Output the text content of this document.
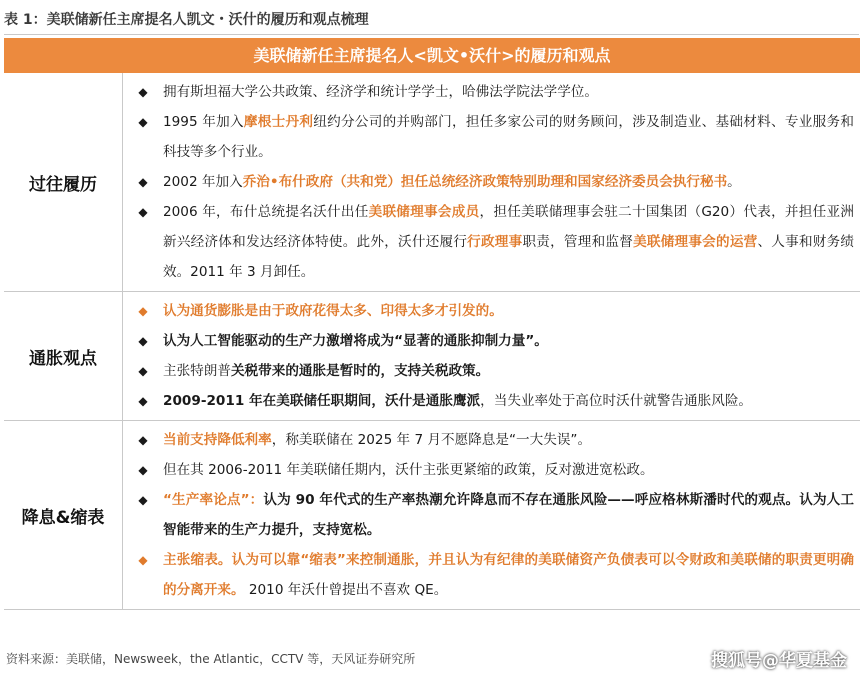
表 1：美联储新任主席提名人凯文・沃什的履历和观点梳理
美联储新任主席提名人<凯文•沃什>的履历和观点
过往履历
◆	拥有斯坦福大学公共政策、经济学和统计学学士，哈佛法学院法学学位。
◆	1995 年加入摩根士丹利纽约分公司的并购部门，担任多家公司的财务顾问，涉及制造业、基础材料、专业服务和科技等多个行业。
◆	2002 年加入乔治•布什政府（共和党）担任总统经济政策特别助理和国家经济委员会执行秘书。
◆	2006 年，布什总统提名沃什出任美联储理事会成员，担任美联储理事会驻二十国集团（G20）代表，并担任亚洲新兴经济体和发达经济体特使。此外，沃什还履行行政理事职责，管理和监督美联储理事会的运营、人事和财务绩效。2011 年 3 月卸任。
通胀观点
◆	认为通货膨胀是由于政府花得太多、印得太多才引发的。
◆	认为人工智能驱动的生产力激增将成为“显著的通胀抑制力量”。
◆	主张特朗普关税带来的通胀是暂时的，支持关税政策。
◆	2009-2011 年在美联储任职期间，沃什是通胀鹰派，当失业率处于高位时沃什就警告通胀风险。
降息&缩表
◆	当前支持降低利率，称美联储在 2025 年 7 月不愿降息是“一大失误”。
◆	但在其 2006-2011 年美联储任期内，沃什主张更紧缩的政策，反对激进宽松政。
◆	“生产率论点”：认为 90 年代式的生产率热潮允许降息而不存在通胀风险——呼应格林斯潘时代的观点。认为人工智能带来的生产力提升，支持宽松。
◆	主张缩表。认为可以靠“缩表”来控制通胀，并且认为有纪律的美联储资产负债表可以令财政和美联储的职责更明确的分离开来。 2010 年沃什曾提出不喜欢 QE。
资料来源：美联储，Newsweek，the Atlantic，CCTV 等，天风证券研究所	搜狐号@华夏基金
